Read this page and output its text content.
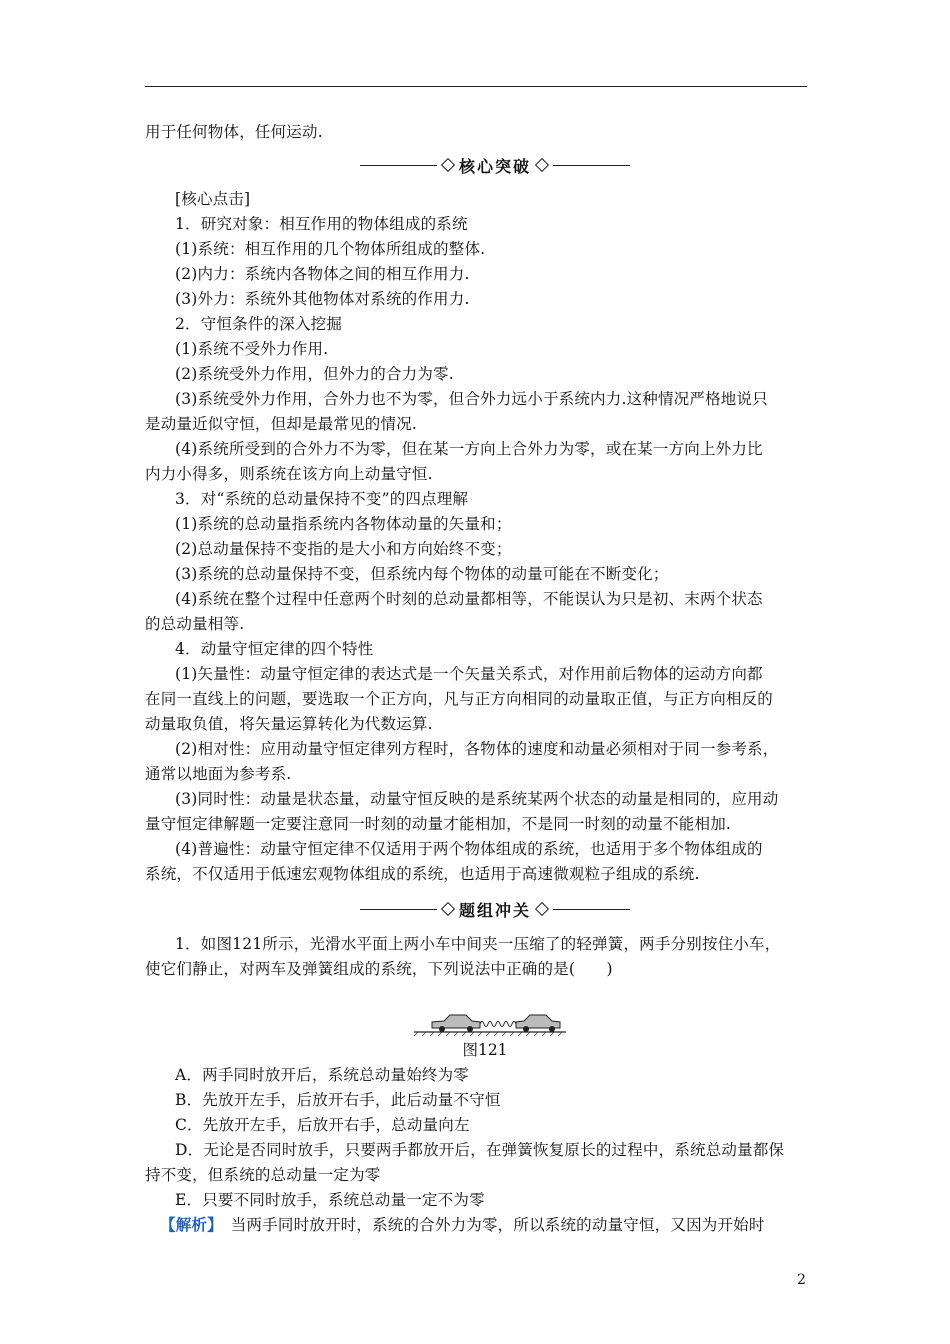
用于任何物体，任何运动.
核心突破
[核心点击]
1．研究对象：相互作用的物体组成的系统
(1)系统：相互作用的几个物体所组成的整体.
(2)内力：系统内各物体之间的相互作用力.
(3)外力：系统外其他物体对系统的作用力.
2．守恒条件的深入挖掘
(1)系统不受外力作用.
(2)系统受外力作用，但外力的合力为零.
(3)系统受外力作用，合外力也不为零，但合外力远小于系统内力.这种情况严格地说只
是动量近似守恒，但却是最常见的情况.
(4)系统所受到的合外力不为零，但在某一方向上合外力为零，或在某一方向上外力比
内力小得多，则系统在该方向上动量守恒.
3．对“系统的总动量保持不变”的四点理解
(1)系统的总动量指系统内各物体动量的矢量和；
(2)总动量保持不变指的是大小和方向始终不变；
(3)系统的总动量保持不变，但系统内每个物体的动量可能在不断变化；
(4)系统在整个过程中任意两个时刻的总动量都相等，不能误认为只是初、末两个状态
的总动量相等.
4．动量守恒定律的四个特性
(1)矢量性：动量守恒定律的表达式是一个矢量关系式，对作用前后物体的运动方向都
在同一直线上的问题，要选取一个正方向，凡与正方向相同的动量取正值，与正方向相反的
动量取负值，将矢量运算转化为代数运算.
(2)相对性：应用动量守恒定律列方程时，各物体的速度和动量必须相对于同一参考系，
通常以地面为参考系.
(3)同时性：动量是状态量，动量守恒反映的是系统某两个状态的动量是相同的，应用动
量守恒定律解题一定要注意同一时刻的动量才能相加，不是同一时刻的动量不能相加.
(4)普遍性：动量守恒定律不仅适用于两个物体组成的系统，也适用于多个物体组成的
系统，不仅适用于低速宏观物体组成的系统，也适用于高速微观粒子组成的系统.
题组冲关
1．如图121所示，光滑水平面上两小车中间夹一压缩了的轻弹簧，两手分别按住小车，
使它们静止，对两车及弹簧组成的系统，下列说法中正确的是(　　)
图121
A．两手同时放开后，系统总动量始终为零
B．先放开左手，后放开右手，此后动量不守恒
C．先放开左手，后放开右手，总动量向左
D．无论是否同时放手，只要两手都放开后，在弹簧恢复原长的过程中，系统总动量都保
持不变，但系统的总动量一定为零
E．只要不同时放手，系统总动量一定不为零
【解析】　当两手同时放开时，系统的合外力为零，所以系统的动量守恒，又因为开始时
2
